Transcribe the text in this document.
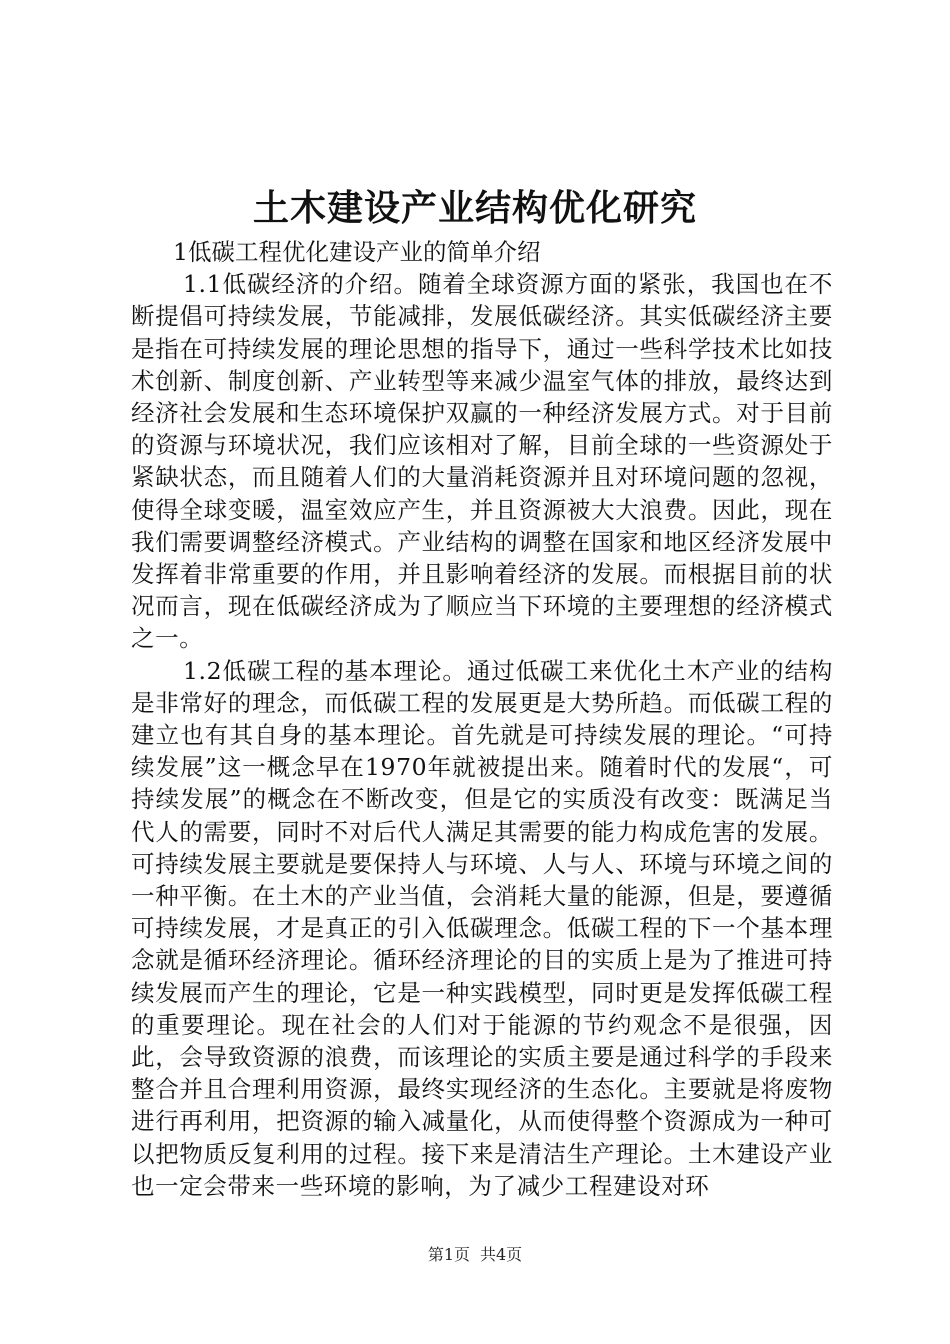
土木建设产业结构优化研究

1低碳工程优化建设产业的简单介绍

1.1低碳经济的介绍。随着全球资源方面的紧张，我国也在不断提倡可持续发展，节能减排，发展低碳经济。其实低碳经济主要是指在可持续发展的理论思想的指导下，通过一些科学技术比如技术创新、制度创新、产业转型等来减少温室气体的排放，最终达到经济社会发展和生态环境保护双赢的一种经济发展方式。对于目前的资源与环境状况，我们应该相对了解，目前全球的一些资源处于紧缺状态，而且随着人们的大量消耗资源并且对环境问题的忽视，使得全球变暖，温室效应产生，并且资源被大大浪费。因此，现在我们需要调整经济模式。产业结构的调整在国家和地区经济发展中发挥着非常重要的作用，并且影响着经济的发展。而根据目前的状况而言，现在低碳经济成为了顺应当下环境的主要理想的经济模式之一。

1.2低碳工程的基本理论。通过低碳工来优化土木产业的结构是非常好的理念，而低碳工程的发展更是大势所趋。而低碳工程的建立也有其自身的基本理论。首先就是可持续发展的理论。“可持续发展”这一概念早在1970年就被提出来。随着时代的发展“，可持续发展”的概念在不断改变，但是它的实质没有改变：既满足当代人的需要，同时不对后代人满足其需要的能力构成危害的发展。可持续发展主要就是要保持人与环境、人与人、环境与环境之间的一种平衡。在土木的产业当值，会消耗大量的能源，但是，要遵循可持续发展，才是真正的引入低碳理念。低碳工程的下一个基本理念就是循环经济理论。循环经济理论的目的实质上是为了推进可持续发展而产生的理论，它是一种实践模型，同时更是发挥低碳工程的重要理论。现在社会的人们对于能源的节约观念不是很强，因此，会导致资源的浪费，而该理论的实质主要是通过科学的手段来整合并且合理利用资源，最终实现经济的生态化。主要就是将废物进行再利用，把资源的输入减量化，从而使得整个资源成为一种可以把物质反复利用的过程。接下来是清洁生产理论。土木建设产业也一定会带来一些环境的影响，为了减少工程建设对环

第1页 共4页
